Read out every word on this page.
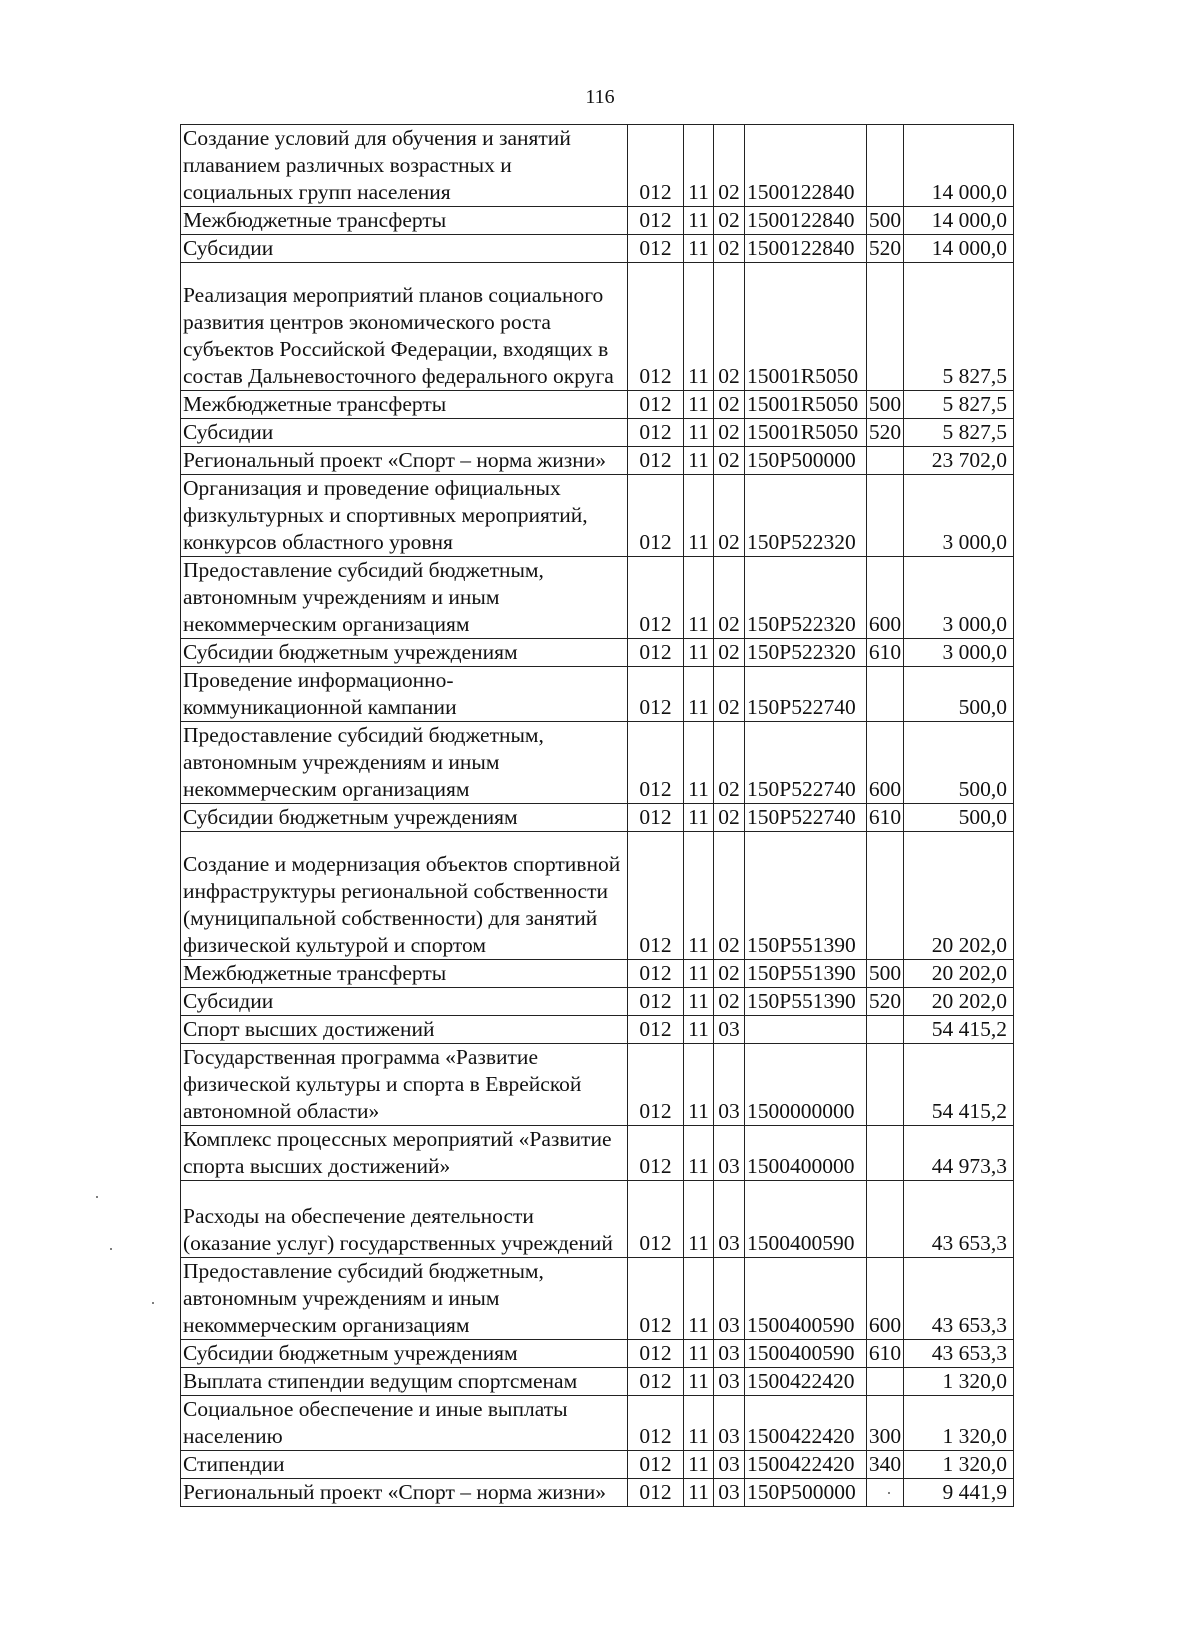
116
Создание условий для обучения и занятий плаванием различных возрастных и социальных групп населения	012	11	02	1500122840		14 000,0
Межбюджетные трансферты	012	11	02	1500122840	500	14 000,0
Субсидии	012	11	02	1500122840	520	14 000,0
Реализация мероприятий планов социального развития центров экономического роста субъектов Российской Федерации, входящих в состав Дальневосточного федерального округа	012	11	02	15001R5050		5 827,5
Межбюджетные трансферты	012	11	02	15001R5050	500	5 827,5
Субсидии	012	11	02	15001R5050	520	5 827,5
Региональный проект «Спорт – норма жизни»	012	11	02	150P500000		23 702,0
Организация и проведение официальных физкультурных и спортивных мероприятий, конкурсов областного уровня	012	11	02	150P522320		3 000,0
Предоставление субсидий бюджетным, автономным учреждениям и иным некоммерческим организациям	012	11	02	150P522320	600	3 000,0
Субсидии бюджетным учреждениям	012	11	02	150P522320	610	3 000,0
Проведение информационно-коммуникационной кампании	012	11	02	150P522740		500,0
Предоставление субсидий бюджетным, автономным учреждениям и иным некоммерческим организациям	012	11	02	150P522740	600	500,0
Субсидии бюджетным учреждениям	012	11	02	150P522740	610	500,0
Создание и модернизация объектов спортивной инфраструктуры региональной собственности (муниципальной собственности) для занятий физической культурой и спортом	012	11	02	150P551390		20 202,0
Межбюджетные трансферты	012	11	02	150P551390	500	20 202,0
Субсидии	012	11	02	150P551390	520	20 202,0
Спорт высших достижений	012	11	03			54 415,2
Государственная программа «Развитие физической культуры и спорта в Еврейской автономной области»	012	11	03	1500000000		54 415,2
Комплекс процессных мероприятий «Развитие спорта высших достижений»	012	11	03	1500400000		44 973,3
Расходы на обеспечение деятельности (оказание услуг) государственных учреждений	012	11	03	1500400590		43 653,3
Предоставление субсидий бюджетным, автономным учреждениям и иным некоммерческим организациям	012	11	03	1500400590	600	43 653,3
Субсидии бюджетным учреждениям	012	11	03	1500400590	610	43 653,3
Выплата стипендии ведущим спортсменам	012	11	03	1500422420		1 320,0
Социальное обеспечение и иные выплаты населению	012	11	03	1500422420	300	1 320,0
Стипендии	012	11	03	1500422420	340	1 320,0
Региональный проект «Спорт – норма жизни»	012	11	03	150P500000		9 441,9
